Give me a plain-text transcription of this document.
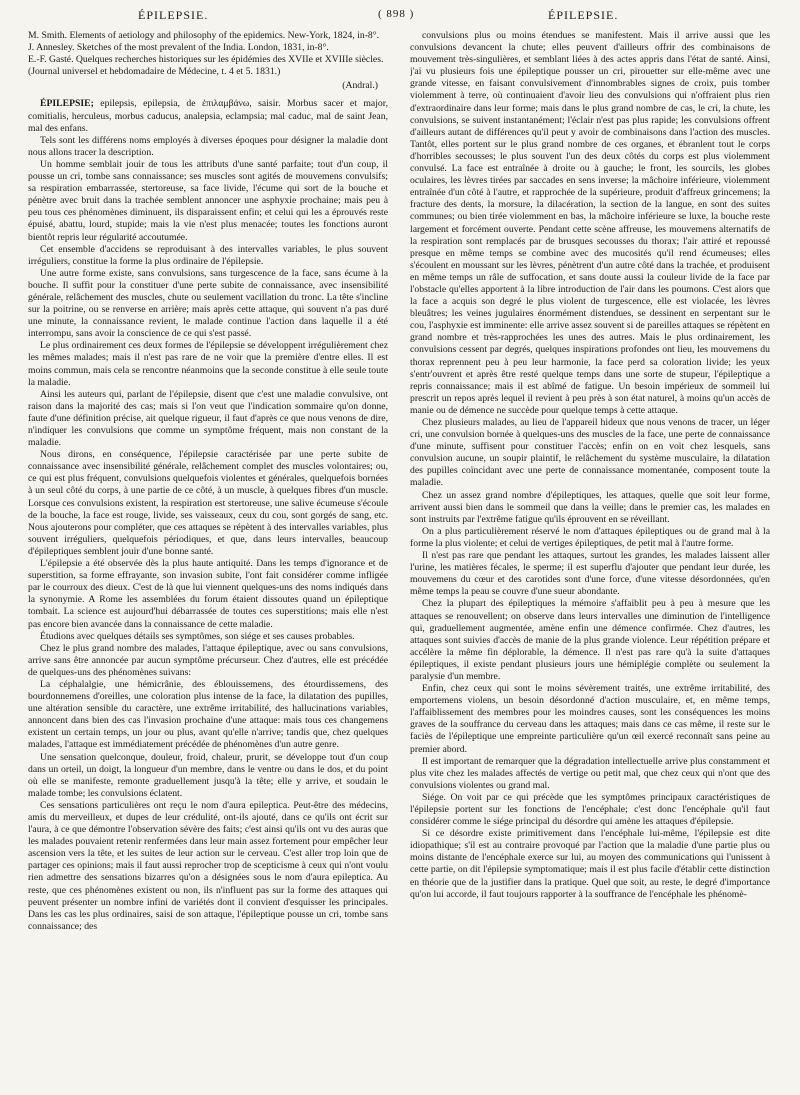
ÉPILEPSIE.	( 898 )	ÉPILEPSIE.

M. Smith. Elements of aetiology and philosophy of the epidemics. New-York, 1824, in-8°.

J. Annesley. Sketches of the most prevalent of the India. London, 1831, in-8°.

E.-F. Gasté. Quelques recherches historiques sur les épidémies des XVIIe et XVIIIe siècles.

(Journal universel et hebdomadaire de Médecine, t. 4 et 5. 1831.)

(Andral.)

ÉPILEPSIE; epilepsis, epilepsia, de ἐπιλαμβάνω, saisir. Morbus sacer et major, comitialis, herculeus, morbus caducus, analepsia, eclampsia; mal caduc, mal de saint Jean, mal des enfans.

Tels sont les différens noms employés à diverses époques pour désigner la maladie dont nous allons tracer la description.

Un homme semblait jouir de tous les attributs d'une santé parfaite; tout d'un coup, il pousse un cri, tombe sans connaissance; ses muscles sont agités de mouvemens convulsifs; sa respiration embarrassée, stertoreuse, sa face livide, l'écume qui sort de la bouche et pénètre avec bruit dans la trachée semblent annoncer une asphyxie prochaine; mais peu à peu tous ces phénomènes diminuent, ils disparaissent enfin; et celui qui les a éprouvés reste épuisé, abattu, lourd, stupide; mais la vie n'est plus menacée; toutes les fonctions auront bientôt repris leur régularité accoutumée.

Cet ensemble d'accidens se reproduisant à des intervalles variables, le plus souvent irréguliers, constitue la forme la plus ordinaire de l'épilepsie.

Une autre forme existe, sans convulsions, sans turgescence de la face, sans écume à la bouche. Il suffit pour la constituer d'une perte subite de connaissance, avec insensibilité générale, relâchement des muscles, chute ou seulement vacillation du tronc. La tête s'incline sur la poitrine, ou se renverse en arrière; mais après cette attaque, qui souvent n'a pas duré une minute, la connaissance revient, le malade continue l'action dans laquelle il a été interrompu, sans avoir la conscience de ce qui s'est passé.

Le plus ordinairement ces deux formes de l'épilepsie se développent irrégulièrement chez les mêmes malades; mais il n'est pas rare de ne voir que la première d'entre elles. Il est moins commun, mais cela se rencontre néanmoins que la seconde constitue à elle seule toute la maladie.

Ainsi les auteurs qui, parlant de l'épilepsie, disent que c'est une maladie convulsive, ont raison dans la majorité des cas; mais si l'on veut que l'indication sommaire qu'on donne, faute d'une définition précise, ait quelque rigueur, il faut d'après ce que nous venons de dire, n'indiquer les convulsions que comme un symptôme fréquent, mais non constant de la maladie.

Nous dirons, en conséquence, l'épilepsie caractérisée par une perte subite de connaissance avec insensibilité générale, relâchement complet des muscles volontaires; ou, ce qui est plus fréquent, convulsions quelquefois violentes et générales, quelquefois bornées à un seul côté du corps, à une partie de ce côté, à un muscle, à quelques fibres d'un muscle. Lorsque ces convulsions existent, la respiration est stertoreuse, une salive écumeuse s'écoule de la bouche, la face est rouge, livide, ses vaisseaux, ceux du cou, sont gorgés de sang, etc. Nous ajouterons pour compléter, que ces attaques se répètent à des intervalles variables, plus souvent irréguliers, quelquefois périodiques, et que, dans leurs intervalles, beaucoup d'épileptiques semblent jouir d'une bonne santé.

L'épilepsie a été observée dès la plus haute antiquité. Dans les temps d'ignorance et de superstition, sa forme effrayante, son invasion subite, l'ont fait considérer comme infligée par le courroux des dieux. C'est de là que lui viennent quelques-uns des noms indiqués dans la synonymie. A Rome les assemblées du forum étaient dissoutes quand un épileptique tombait. La science est aujourd'hui débarrassée de toutes ces superstitions; mais elle n'est pas encore bien avancée dans la connaissance de cette maladie.

Étudions avec quelques détails ses symptômes, son siége et ses causes probables.

Chez le plus grand nombre des malades, l'attaque épileptique, avec ou sans convulsions, arrive sans être annoncée par aucun symptôme précurseur. Chez d'autres, elle est précédée de quelques-uns des phénomènes suivans:

La céphalalgie, une hémicrânie, des éblouissemens, des étourdissemens, des bourdonnemens d'oreilles, une coloration plus intense de la face, la dilatation des pupilles, une altération sensible du caractère, une extrême irritabilité, des hallucinations variables, annoncent dans bien des cas l'invasion prochaine d'une attaque: mais tous ces changemens existent un certain temps, un jour ou plus, avant qu'elle n'arrive; tandis que, chez quelques malades, l'attaque est immédiatement précédée de phénomènes d'un autre genre.

Une sensation quelconque, douleur, froid, chaleur, prurit, se développe tout d'un coup dans un orteil, un doigt, la longueur d'un membre, dans le ventre ou dans le dos, et du point où elle se manifeste, remonte graduellement jusqu'à la tête; elle y arrive, et soudain le malade tombe; les convulsions éclatent.

Ces sensations particulières ont reçu le nom d'aura epileptica. Peut-être des médecins, amis du merveilleux, et dupes de leur crédulité, ont-ils ajouté, dans ce qu'ils ont écrit sur l'aura, à ce que démontre l'observation sévère des faits; c'est ainsi qu'ils ont vu des auras que les malades pouvaient retenir renfermées dans leur main assez fortement pour empêcher leur ascension vers la tête, et les suites de leur action sur le cerveau. C'est aller trop loin que de partager ces opinions; mais il faut aussi reprocher trop de scepticisme à ceux qui n'ont voulu rien admettre des sensations bizarres qu'on a désignées sous le nom d'aura epileptica. Au reste, que ces phénomènes existent ou non, ils n'influent pas sur la forme des attaques qui peuvent présenter un nombre infini de variétés dont il convient d'esquisser les principales. Dans les cas les plus ordinaires, saisi de son attaque, l'épileptique pousse un cri, tombe sans connaissance; des

convulsions plus ou moins étendues se manifestent. Mais il arrive aussi que les convulsions devancent la chute; elles peuvent d'ailleurs offrir des combinaisons de mouvement très-singulières, et semblant liées à des actes appris dans l'état de santé. Ainsi, j'ai vu plusieurs fois une épileptique pousser un cri, pirouetter sur elle-même avec une grande vitesse, en faisant convulsivement d'innombrables signes de croix, puis tomber violemment à terre, où continuaient d'avoir lieu des convulsions qui n'offraient plus rien d'extraordinaire dans leur forme; mais dans le plus grand nombre de cas, le cri, la chute, les convulsions, se suivent instantanément; l'éclair n'est pas plus rapide; les convulsions offrent d'ailleurs autant de différences qu'il peut y avoir de combinaisons dans l'action des muscles. Tantôt, elles portent sur le plus grand nombre de ces organes, et ébranlent tout le corps d'horribles secousses; le plus souvent l'un des deux côtés du corps est plus violemment convulsé. La face est entraînée à droite ou à gauche; le front, les sourcils, les globes oculaires, les lèvres tirées par saccades en sens inverse; la mâchoire inférieure, violemment entraînée d'un côté à l'autre, et rapprochée de la supérieure, produit d'affreux grincemens; la fracture des dents, la morsure, la dilacération, la section de la langue, en sont des suites communes; ou bien tirée violemment en bas, la mâchoire inférieure se luxe, la bouche reste largement et forcément ouverte. Pendant cette scène affreuse, les mouvemens alternatifs de la respiration sont remplacés par de brusques secousses du thorax; l'air attiré et repoussé presque en même temps se combine avec des mucosités qu'il rend écumeuses; elles s'écoulent en moussant sur les lèvres, pénètrent d'un autre côté dans la trachée, et produisent en même temps un râle de suffocation, et sans doute aussi la couleur livide de la face par l'obstacle qu'elles apportent à la libre introduction de l'air dans les poumons. C'est alors que la face a acquis son degré le plus violent de turgescence, elle est violacée, les lèvres bleuâtres; les veines jugulaires énormément distendues, se dessinent en serpentant sur le cou, l'asphyxie est imminente: elle arrive assez souvent si de pareilles attaques se répètent en grand nombre et très-rapprochées les unes des autres. Mais le plus ordinairement, les convulsions cessent par degrés, quelques inspirations profondes ont lieu, les mouvemens du thorax reprennent peu à peu leur harmonie, la face perd sa coloration livide; les yeux s'entr'ouvrent et après être resté quelque temps dans une sorte de stupeur, l'épileptique a repris connaissance; mais il est abîmé de fatigue. Un besoin impérieux de sommeil lui prescrit un repos après lequel il revient à peu près à son état naturel, à moins qu'un accès de manie ou de démence ne succède pour quelque temps à cette attaque.

Chez plusieurs malades, au lieu de l'appareil hideux que nous venons de tracer, un léger cri, une convulsion bornée à quelques-uns des muscles de la face, une perte de connaissance d'une minute, suffisent pour constituer l'accès; enfin on en voit chez lesquels, sans convulsion aucune, un soupir plaintif, le relâchement du système musculaire, la dilatation des pupilles coïncidant avec une perte de connaissance momentanée, composent toute la maladie.

Chez un assez grand nombre d'épileptiques, les attaques, quelle que soit leur forme, arrivent aussi bien dans le sommeil que dans la veille; dans le premier cas, les malades en sont instruits par l'extrême fatigue qu'ils éprouvent en se réveillant.

On a plus particulièrement réservé le nom d'attaques épileptiques ou de grand mal à la forme la plus violente; et celui de vertiges épileptiques, de petit mal à l'autre forme.

Il n'est pas rare que pendant les attaques, surtout les grandes, les malades laissent aller l'urine, les matières fécales, le sperme; il est superflu d'ajouter que pendant leur durée, les mouvemens du cœur et des carotides sont d'une force, d'une vitesse désordonnées, qu'en même temps la peau se couvre d'une sueur abondante.

Chez la plupart des épileptiques la mémoire s'affaiblit peu à peu à mesure que les attaques se renouvellent; on observe dans leurs intervalles une diminution de l'intelligence qui, graduellement augmentée, amène enfin une démence confirmée. Chez d'autres, les attaques sont suivies d'accès de manie de la plus grande violence. Leur répétition prépare et accélère la même fin déplorable, la démence. Il n'est pas rare qu'à la suite d'attaques épileptiques, il existe pendant plusieurs jours une hémiplégie complète ou seulement la paralysie d'un membre.

Enfin, chez ceux qui sont le moins sévèrement traités, une extrême irritabilité, des emportemens violens, un besoin désordonné d'action musculaire, et, en même temps, l'affaiblissement des membres pour les moindres causes, sont les conséquences les moins graves de la souffrance du cerveau dans les attaques; mais dans ce cas même, il reste sur le faciès de l'épileptique une empreinte particulière qu'un œil exercé reconnaît sans peine au premier abord.

Il est important de remarquer que la dégradation intellectuelle arrive plus constamment et plus vite chez les malades affectés de vertige ou petit mal, que chez ceux qui n'ont que des convulsions violentes ou grand mal.

Siége. On voit par ce qui précède que les symptômes principaux caractéristiques de l'épilepsie portent sur les fonctions de l'encéphale; c'est donc l'encéphale qu'il faut considérer comme le siége principal du désordre qui amène les attaques d'épilepsie.

Si ce désordre existe primitivement dans l'encéphale lui-même, l'épilepsie est dite idiopathique; s'il est au contraire provoqué par l'action que la maladie d'une partie plus ou moins distante de l'encéphale exerce sur lui, au moyen des communications qui l'unissent à cette partie, on dit l'épilepsie symptomatique; mais il est plus facile d'établir cette distinction en théorie que de la justifier dans la pratique. Quel que soit, au reste, le degré d'importance qu'on lui accorde, il faut toujours rapporter à la souffrance de l'encéphale les phénomè-
